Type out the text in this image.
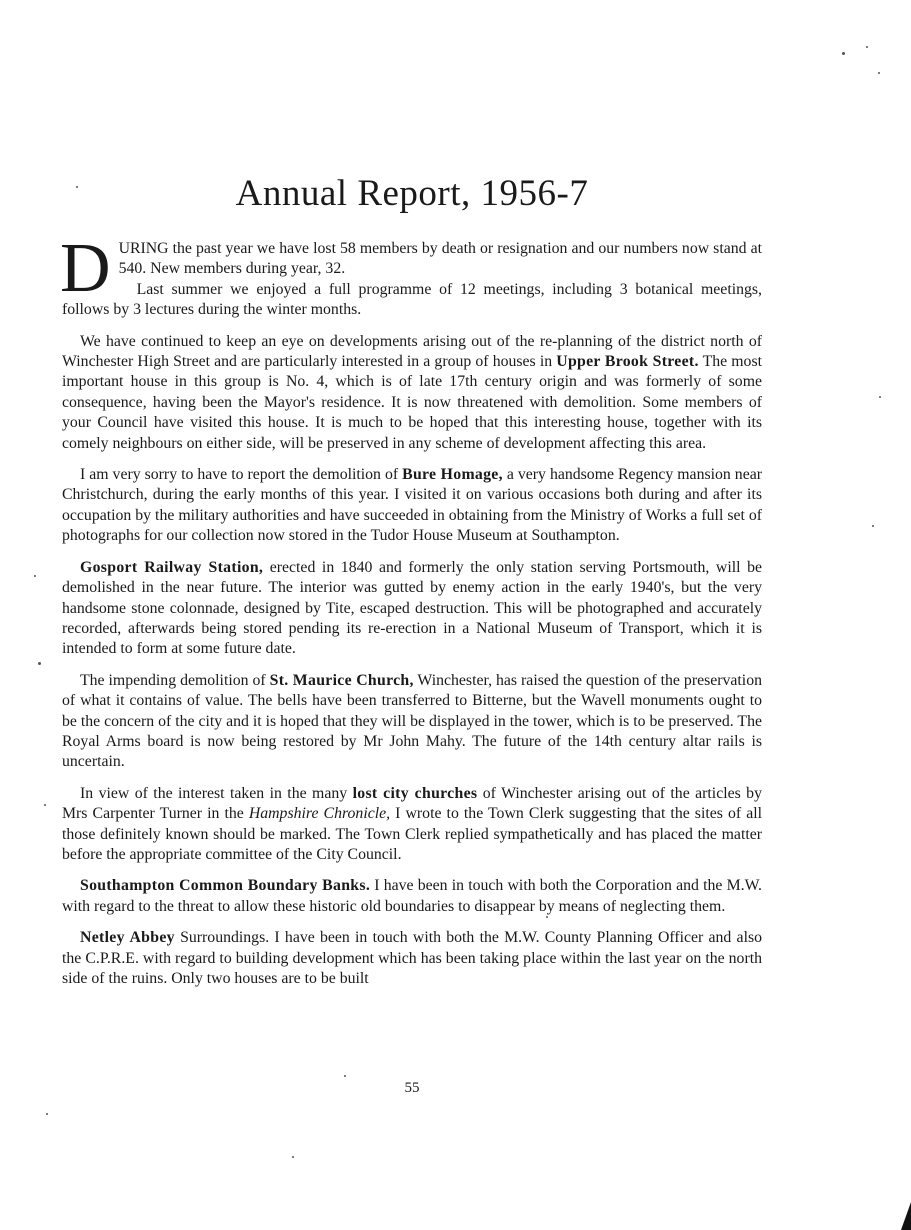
Annual Report, 1956-7

D URING the past year we have lost 58 members by death or resignation and our numbers now stand at 540. New members during year, 32.

Last summer we enjoyed a full programme of 12 meetings, including 3 botanical meetings, follows by 3 lectures during the winter months.

We have continued to keep an eye on developments arising out of the re-planning of the district north of Winchester High Street and are particularly interested in a group of houses in Upper Brook Street. The most important house in this group is No. 4, which is of late 17th century origin and was formerly of some consequence, having been the Mayor's residence. It is now threatened with demolition. Some members of your Council have visited this house. It is much to be hoped that this interesting house, together with its comely neighbours on either side, will be preserved in any scheme of development affecting this area.

I am very sorry to have to report the demolition of Bure Homage, a very handsome Regency mansion near Christchurch, during the early months of this year. I visited it on various occasions both during and after its occupation by the military authorities and have succeeded in obtaining from the Ministry of Works a full set of photographs for our collection now stored in the Tudor House Museum at Southampton.

Gosport Railway Station, erected in 1840 and formerly the only station serving Portsmouth, will be demolished in the near future. The interior was gutted by enemy action in the early 1940's, but the very handsome stone colonnade, designed by Tite, escaped destruction. This will be photographed and accurately recorded, afterwards being stored pending its re-erection in a National Museum of Transport, which it is intended to form at some future date.

The impending demolition of St. Maurice Church, Winchester, has raised the question of the preservation of what it contains of value. The bells have been transferred to Bitterne, but the Wavell monuments ought to be the concern of the city and it is hoped that they will be displayed in the tower, which is to be preserved. The Royal Arms board is now being restored by Mr John Mahy. The future of the 14th century altar rails is uncertain.

In view of the interest taken in the many lost city churches of Winchester arising out of the articles by Mrs Carpenter Turner in the Hampshire Chronicle, I wrote to the Town Clerk suggesting that the sites of all those definitely known should be marked. The Town Clerk replied sympathetically and has placed the matter before the appropriate committee of the City Council.

Southampton Common Boundary Banks. I have been in touch with both the Corporation and the M.W. with regard to the threat to allow these historic old boundaries to disappear by means of neglecting them.

Netley Abbey Surroundings. I have been in touch with both the M.W. County Planning Officer and also the C.P.R.E. with regard to building development which has been taking place within the last year on the north side of the ruins. Only two houses are to be built

55
